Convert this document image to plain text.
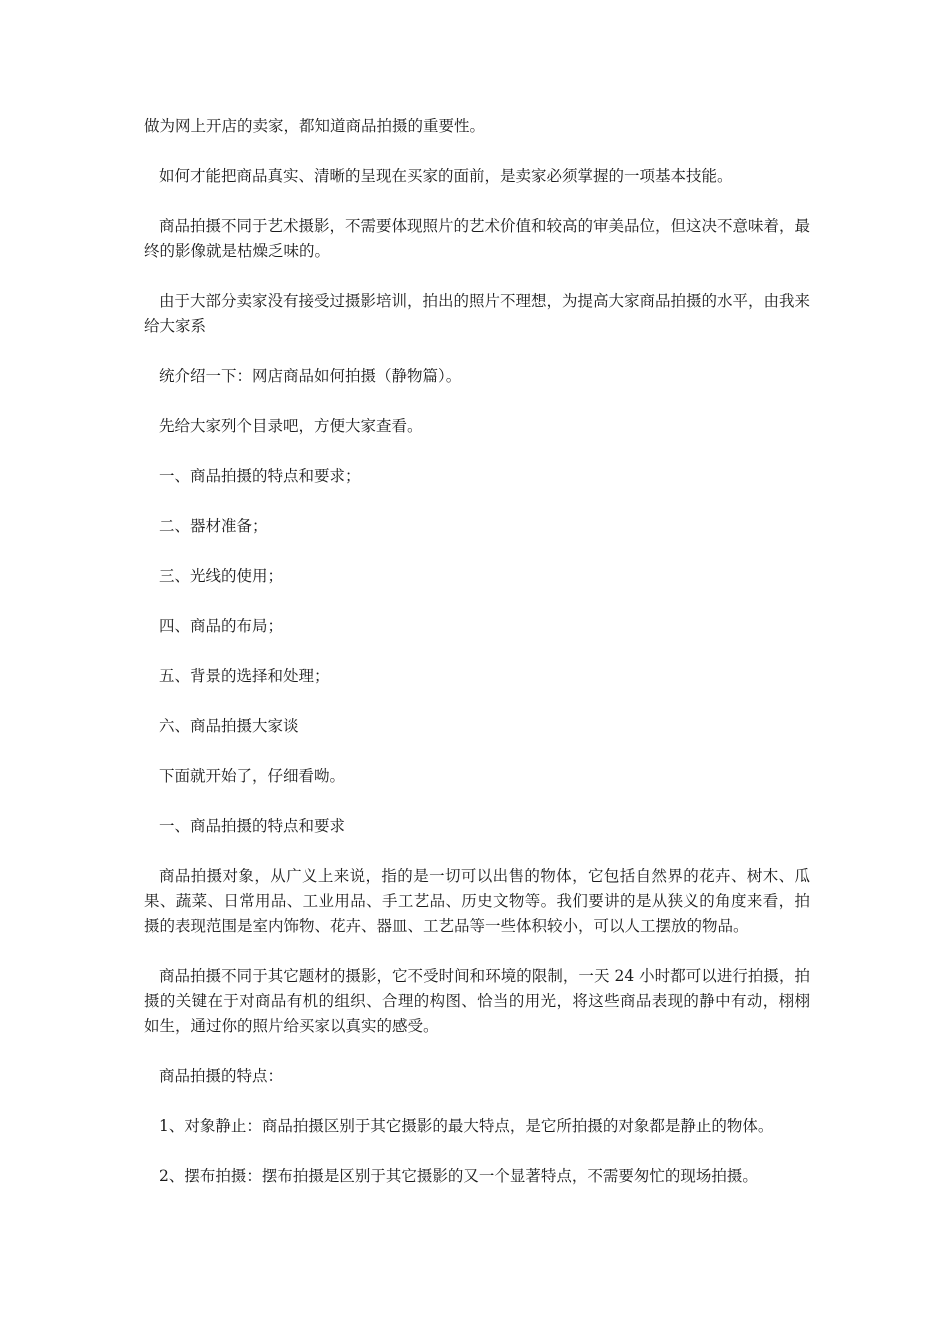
做为网上开店的卖家，都知道商品拍摄的重要性。

如何才能把商品真实、清晰的呈现在买家的面前，是卖家必须掌握的一项基本技能。

商品拍摄不同于艺术摄影，不需要体现照片的艺术价值和较高的审美品位，但这决不意味着，最终的影像就是枯燥乏味的。

由于大部分卖家没有接受过摄影培训，拍出的照片不理想，为提高大家商品拍摄的水平，由我来给大家系

统介绍一下：网店商品如何拍摄（静物篇）。

先给大家列个目录吧，方便大家查看。

一、商品拍摄的特点和要求；

二、器材准备；

三、光线的使用；

四、商品的布局；

五、背景的选择和处理；

六、商品拍摄大家谈

下面就开始了，仔细看呦。

一、商品拍摄的特点和要求

商品拍摄对象，从广义上来说，指的是一切可以出售的物体，它包括自然界的花卉、树木、瓜果、蔬菜、日常用品、工业用品、手工艺品、历史文物等。我们要讲的是从狭义的角度来看，拍摄的表现范围是室内饰物、花卉、器皿、工艺品等一些体积较小，可以人工摆放的物品。

商品拍摄不同于其它题材的摄影，它不受时间和环境的限制，一天 24 小时都可以进行拍摄，拍摄的关键在于对商品有机的组织、合理的构图、恰当的用光，将这些商品表现的静中有动，栩栩如生，通过你的照片给买家以真实的感受。

商品拍摄的特点：

1、对象静止：商品拍摄区别于其它摄影的最大特点，是它所拍摄的对象都是静止的物体。

2、摆布拍摄：摆布拍摄是区别于其它摄影的又一个显著特点，不需要匆忙的现场拍摄。
